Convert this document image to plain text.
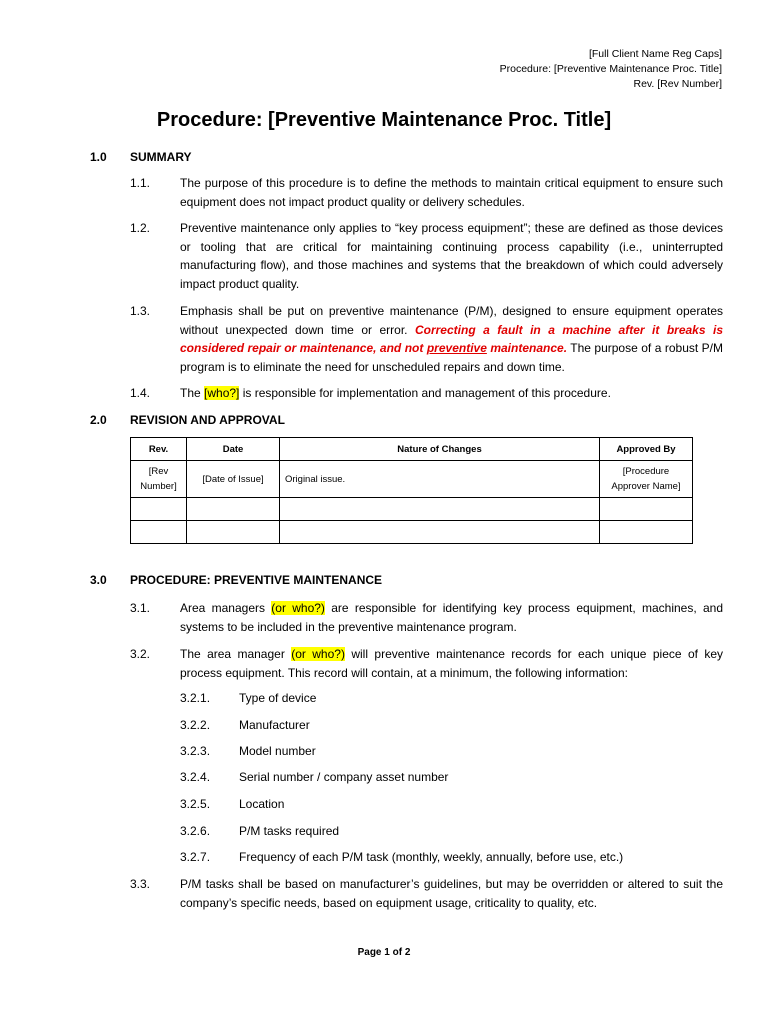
[Full Client Name Reg Caps]
Procedure: [Preventive Maintenance Proc. Title]
Rev. [Rev Number]
Procedure: [Preventive Maintenance Proc. Title]
1.0 SUMMARY
1.1. The purpose of this procedure is to define the methods to maintain critical equipment to ensure such equipment does not impact product quality or delivery schedules.
1.2. Preventive maintenance only applies to “key process equipment”; these are defined as those devices or tooling that are critical for maintaining continuing process capability (i.e., uninterrupted manufacturing flow), and those machines and systems that the breakdown of which could adversely impact product quality.
1.3. Emphasis shall be put on preventive maintenance (P/M), designed to ensure equipment operates without unexpected down time or error. Correcting a fault in a machine after it breaks is considered repair or maintenance, and not preventive maintenance. The purpose of a robust P/M program is to eliminate the need for unscheduled repairs and down time.
1.4. The [who?] is responsible for implementation and management of this procedure.
2.0 REVISION AND APPROVAL
Rev.	Date	Nature of Changes	Approved By
[Rev Number]	[Date of Issue]	Original issue.	[Procedure Approver Name]

3.0 PROCEDURE: PREVENTIVE MAINTENANCE
3.1. Area managers (or who?) are responsible for identifying key process equipment, machines, and systems to be included in the preventive maintenance program.
3.2. The area manager (or who?) will preventive maintenance records for each unique piece of key process equipment. This record will contain, at a minimum, the following information:
3.2.1. Type of device
3.2.2. Manufacturer
3.2.3. Model number
3.2.4. Serial number / company asset number
3.2.5. Location
3.2.6. P/M tasks required
3.2.7. Frequency of each P/M task (monthly, weekly, annually, before use, etc.)
3.3. P/M tasks shall be based on manufacturer’s guidelines, but may be overridden or altered to suit the company’s specific needs, based on equipment usage, criticality to quality, etc.
Page 1 of 2
